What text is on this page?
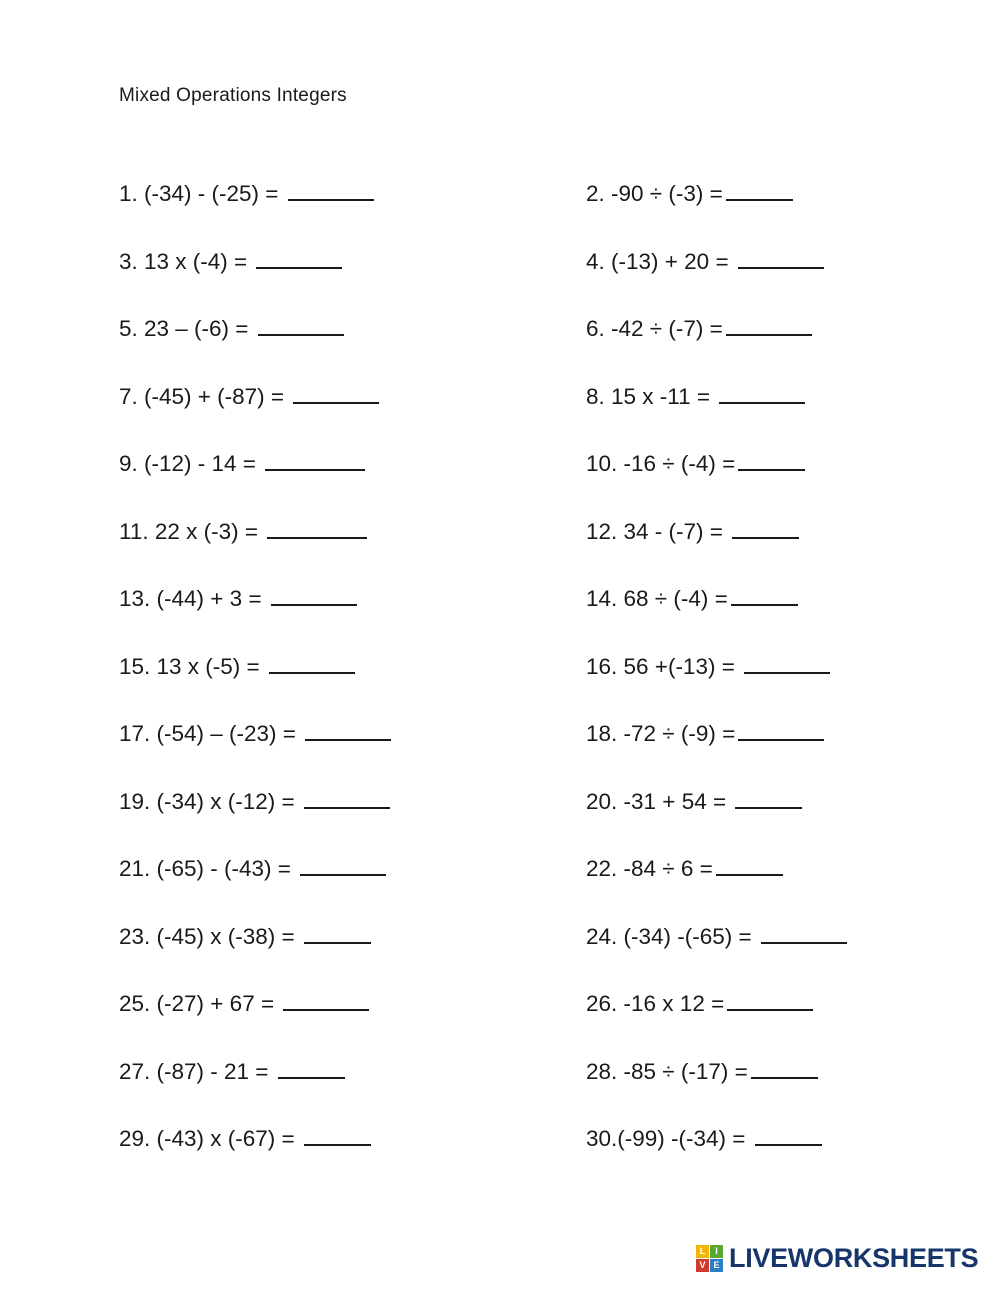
Mixed Operations Integers
1. (-34) - (-25) =	2. -90 ÷ (-3) =
3. 13 x (-4) =	4. (-13) + 20 =
5. 23 – (-6) =	6. -42 ÷ (-7) =
7. (-45) + (-87) =	8. 15 x -11 =
9. (-12) - 14 =	10. -16 ÷ (-4) =
11. 22 x (-3) =	12. 34 - (-7) =
13. (-44) + 3 =	14. 68 ÷ (-4) =
15. 13 x (-5) =	16. 56 +(-13) =
17. (-54) – (-23) =	18. -72 ÷ (-9) =
19. (-34) x (-12) =	20. -31 + 54 =
21. (-65) - (-43) =	22. -84 ÷ 6 =
23. (-45) x (-38) =	24. (-34) -(-65) =
25. (-27) + 67 =	26. -16 x 12 =
27. (-87) - 21 =	28. -85 ÷ (-17) =
29. (-43) x (-67) =	30.(-99) -(-34) =
L	I
V E LIVEWORKSHEETS
